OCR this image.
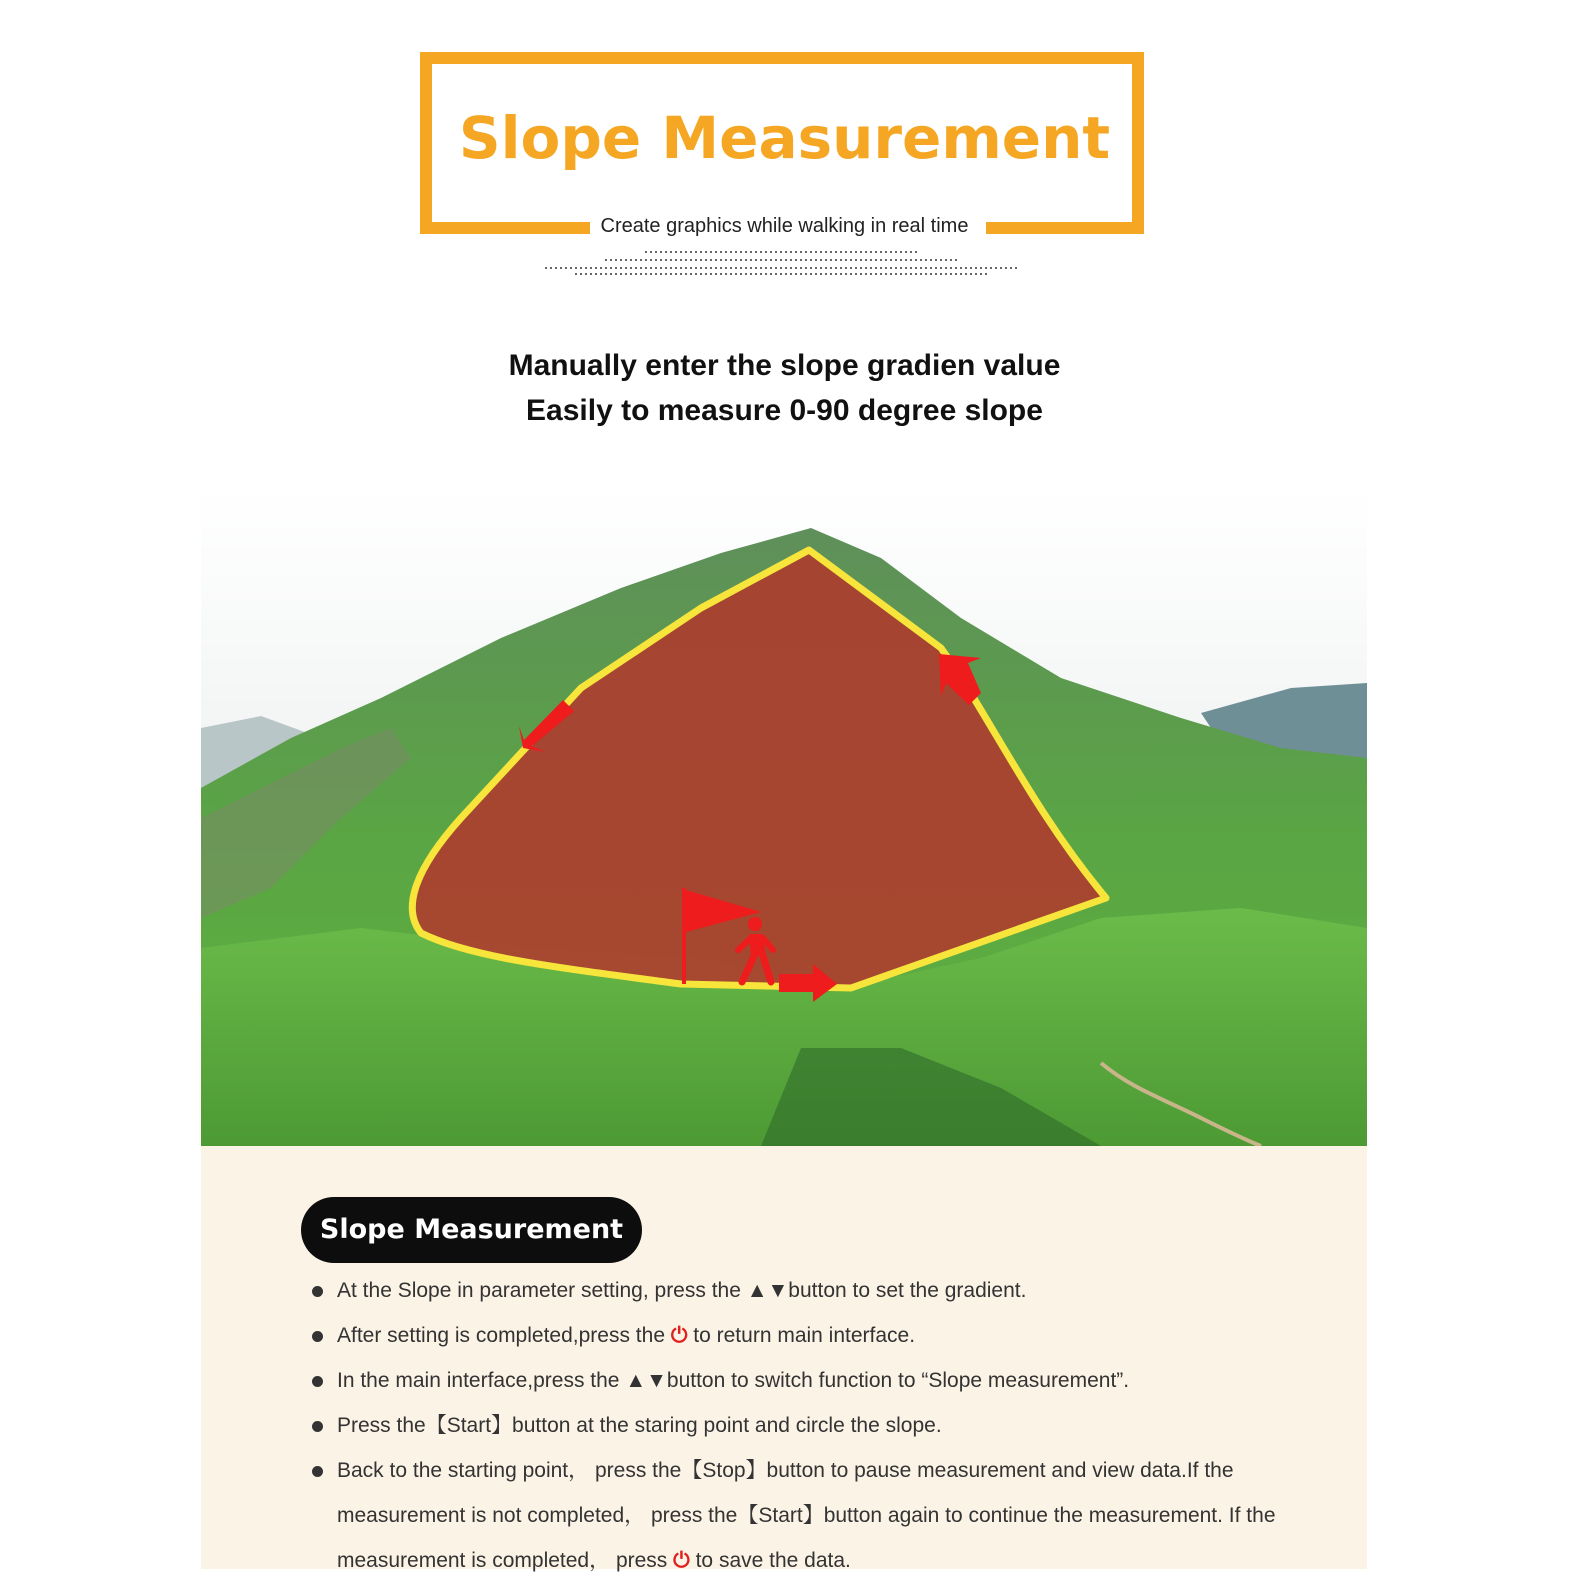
Slope Measurement
Create graphics while walking in real time
Manually enter the slope gradien value
Easily to measure 0-90 degree slope
Slope Measurement
At the Slope in parameter setting, press the ▲▼button to set the gradient.
After setting is completed,press the ⏻ to return main interface.
In the main interface,press the ▲▼button to switch function to “Slope measurement”.
Press the【Start】button at the staring point and circle the slope.
Back to the starting point， press the【Stop】button to pause measurement and view data.If the measurement is not completed， press the【Start】button again to continue the measurement. If the measurement is completed， press ⏻ to save the data.
